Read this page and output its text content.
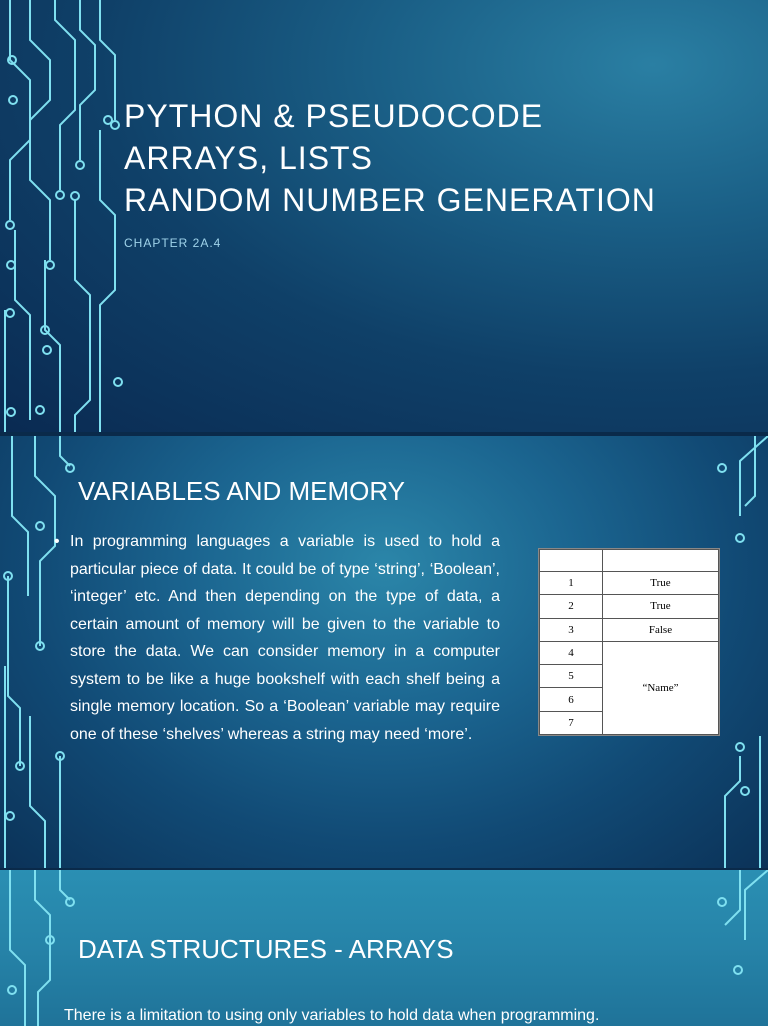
PYTHON & PSEUDOCODE
ARRAYS, LISTS
RANDOM NUMBER GENERATION
CHAPTER 2A.4
VARIABLES AND MEMORY
• In programming languages a variable is used to hold a particular piece of data. It could be of type ‘string’, ‘Boolean’, ‘integer’ etc. And then depending on the type of data, a certain amount of memory will be given to the variable to store the data. We can consider memory in a computer system to be like a huge bookshelf with each shelf being a single memory location. So a ‘Boolean’ variable may require one of these ‘shelves’ whereas a string may need ‘more’.

1	True
2	True
3	False
4	“Name”
5	
6	
7	
DATA STRUCTURES - ARRAYS
There is a limitation to using only variables to hold data when programming.
